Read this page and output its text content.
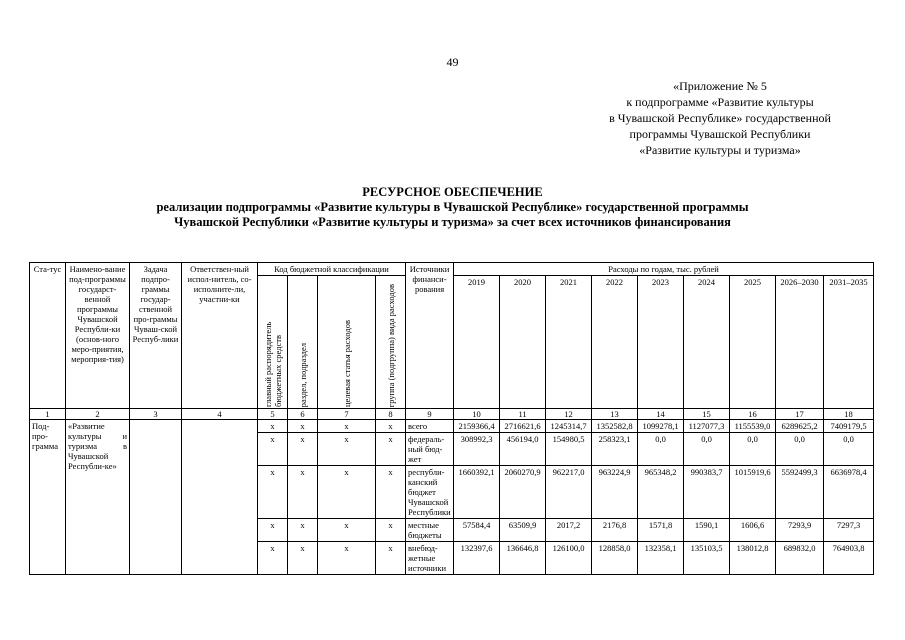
49
«Приложение № 5
к подпрограмме «Развитие культуры
в Чувашской Республике» государственной
программы Чувашской Республики
«Развитие культуры и туризма»
РЕСУРСНОЕ ОБЕСПЕЧЕНИЕ
реализации подпрограммы «Развитие культуры в Чувашской Республике» государственной программы
Чувашской Республики «Развитие культуры и туризма» за счет всех источников финансирования
Ста-тус	Наимено-вание под-программы государст-венной программы Чувашской Республи-ки (основ-ного меро-приятия, мероприя-тия)	Задача подпро-граммы государ-ственной про-граммы Чуваш-ской Респуб-лики	Ответствен-ный испол-нитель, со-исполните-ли, участни-ки	Код бюджетной классификации				Источники финанси-рования	Расходы по годам, тыс. рублей								

				главный распорядитель бюджетных средств	раздел, подраздел	целевая статья расходов	группа (подгруппа) вида расходов		2019	2020	2021	2022	2023	2024	2025	2026–2030	2031–2035
1	2	3	4	5	6	7	8	9	10	11	12	13	14	15	16	17	18
Под-про-грамма	«Развитие культуры и туризма в Чувашской Республи-ке»			x	x	x	x	всего	2159366,4	2716621,6	1245314,7	1352582,8	1099278,1	1127077,3	1155539,0	6289625,2	7409179,5
				x	x	x	x	федераль-ный бюд-жет	308992,3	456194,0	154980,5	258323,1	0,0	0,0	0,0	0,0	0,0
				x	x	x	x	республи-канский бюджет Чувашской Республики	1660392,1	2060270,9	962217,0	963224,9	965348,2	990383,7	1015919,6	5592499,3	6636978,4
				x	x	x	x	местные бюджеты	57584,4	63509,9	2017,2	2176,8	1571,8	1590,1	1606,6	7293,9	7297,3
				x	x	x	x	внебюд-жетные источники	132397,6	136646,8	126100,0	128858,0	132358,1	135103,5	138012,8	689832,0	764903,8
